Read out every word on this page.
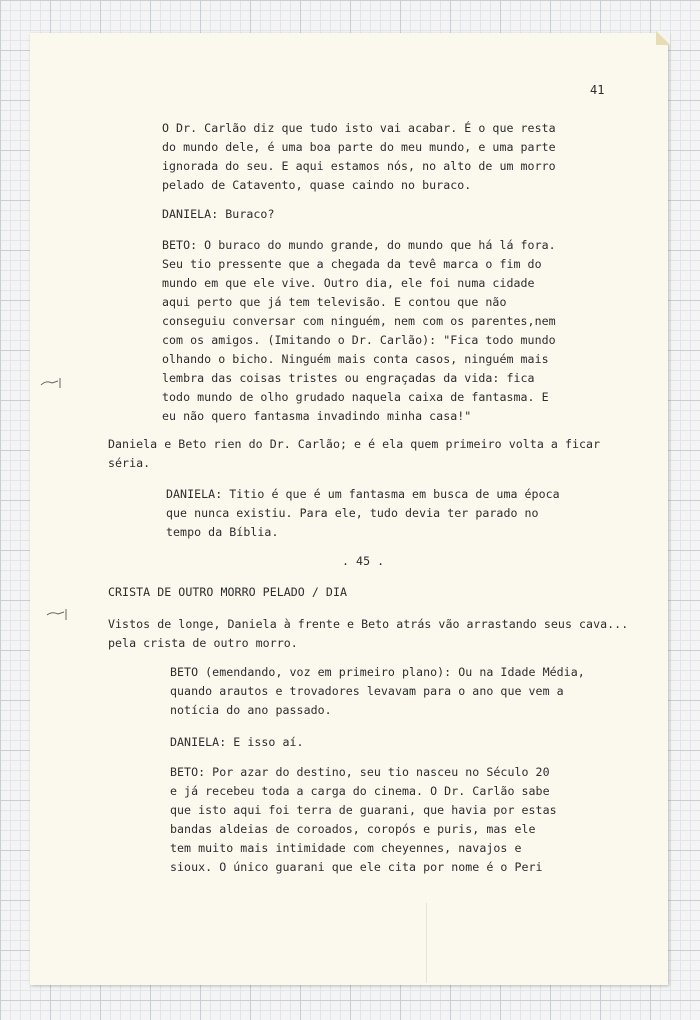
41
O Dr. Carlão diz que tudo isto vai acabar. É o que resta
do mundo dele, é uma boa parte do meu mundo, e uma parte
ignorada do seu. E aqui estamos nós, no alto de um morro
pelado de Catavento, quase caindo no buraco.
DANIELA: Buraco?
BETO: O buraco do mundo grande, do mundo que há lá fora.
Seu tio pressente que a chegada da tevê marca o fim do
mundo em que ele vive. Outro dia, ele foi numa cidade
aqui perto que já tem televisão. E contou que não
conseguiu conversar com ninguém, nem com os parentes,nem
com os amigos. (Imitando o Dr. Carlão): "Fica todo mundo
olhando o bicho. Ninguém mais conta casos, ninguém mais
lembra das coisas tristes ou engraçadas da vida: fica
todo mundo de olho grudado naquela caixa de fantasma. E
eu não quero fantasma invadindo minha casa!"
Daniela e Beto rien do Dr. Carlão; e é ela quem primeiro volta a ficar
séria.
DANIELA: Titio é que é um fantasma em busca de uma época
que nunca existiu. Para ele, tudo devia ter parado no
tempo da Bíblia.
. 45 .
CRISTA DE OUTRO MORRO PELADO / DIA
Vistos de longe, Daniela à frente e Beto atrás vão arrastando seus cava...
pela crista de outro morro.
BETO (emendando, voz em primeiro plano): Ou na Idade Média,
quando arautos e trovadores levavam para o ano que vem a
notícia do ano passado.
DANIELA: E isso aí.
BETO: Por azar do destino, seu tio nasceu no Século 20
e já recebeu toda a carga do cinema. O Dr. Carlão sabe
que isto aqui foi terra de guarani, que havia por estas
bandas aldeias de coroados, coropós e puris, mas ele
tem muito mais intimidade com cheyennes, navajos e
sioux. O único guarani que ele cita por nome é o Peri
